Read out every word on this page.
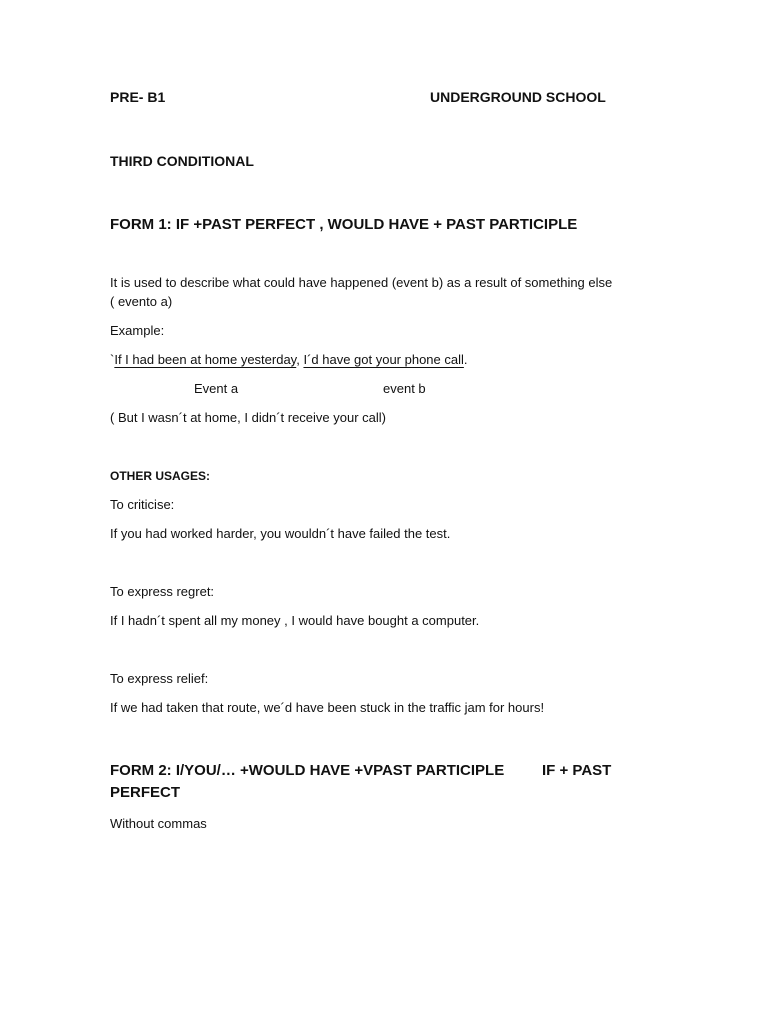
PRE- B1	UNDERGROUND SCHOOL
THIRD CONDITIONAL
FORM 1: IF +PAST PERFECT , WOULD HAVE + PAST PARTICIPLE
It is used to describe what could have happened (event b) as a result of something else
( evento a)
Example:
`If I had been at home yesterday, I´d have got your phone call.
Event a	event b
( But I wasn´t at home, I didn´t receive your call)
OTHER USAGES:
To criticise:
If you had worked harder, you wouldn´t have failed the test.
To express regret:
If I hadn´t spent all my money , I would have bought a computer.
To express relief:
If we had taken that route, we´d have been stuck in the traffic jam for hours!
FORM 2: I/YOU/… +WOULD HAVE +VPAST PARTICIPLE	IF + PAST
PERFECT
Without commas
